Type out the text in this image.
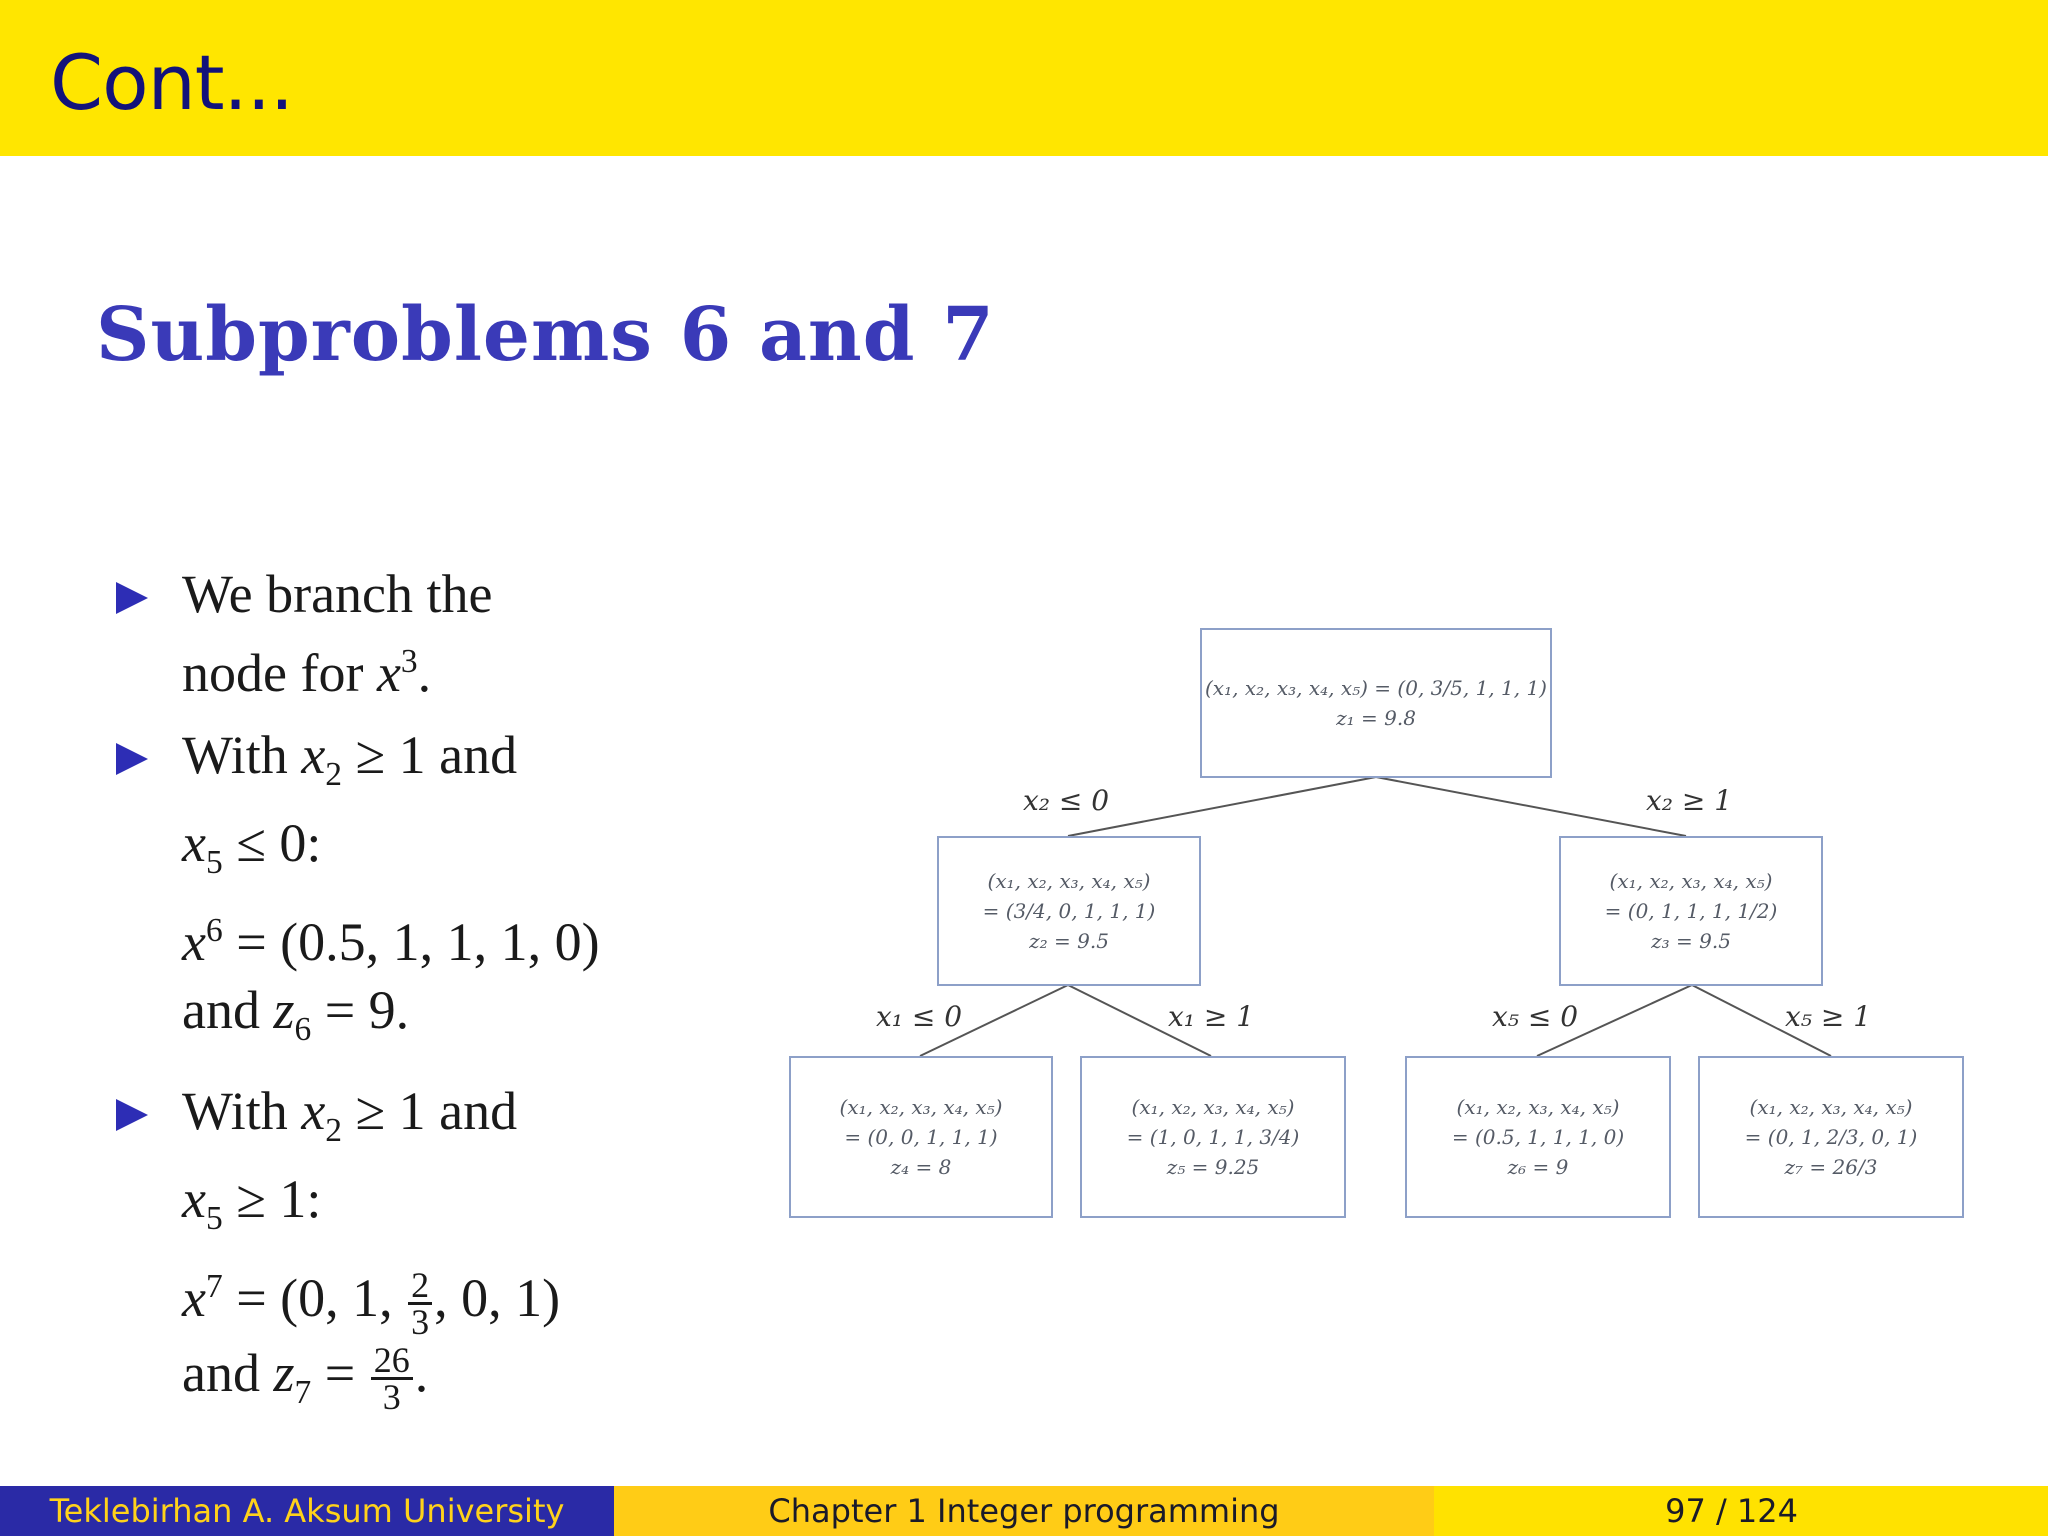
Cont...
Subproblems 6 and 7
We branch the
node for $x^3$.
With $x_2 \ge 1$ and
$x_5 \le 0$:
$x^6 = (0.5$, 1, 1, 1, 0)
and $z_6 = 9$.
With $x_2 \ge 1$ and
$x_5 \ge 1$:
$x^7 = (0$, 1, $\frac{2}{3}$ , 0, 1)
and $z_7 = \frac{26}{3}$ .
(x₁, x₂, x₃, x₄, x₅) = (0, 3/5, 1, 1, 1)
z₁ = 9.8
(x₁, x₂, x₃, x₄, x₅)
= (3/4, 0, 1, 1, 1)
z₂ = 9.5
(x₁, x₂, x₃, x₄, x₅)
= (0, 1, 1, 1, 1/2)
z₃ = 9.5
(x₁, x₂, x₃, x₄, x₅)
= (0, 0, 1, 1, 1)
z₄ = 8
(x₁, x₂, x₃, x₄, x₅)
= (1, 0, 1, 1, 3/4)
z₅ = 9.25
(x₁, x₂, x₃, x₄, x₅)
= (0.5, 1, 1, 1, 0)
z₆ = 9
(x₁, x₂, x₃, x₄, x₅)
= (0, 1, 2/3, 0, 1)
z₇ = 26/3
x₂ ≤ 0	x₂ ≥ 1
x₁ ≤ 0	x₁ ≥ 1	x₅ ≤ 0	x₅ ≥ 1
Teklebirhan A. Aksum University	Chapter 1 Integer programming	97 / 124
